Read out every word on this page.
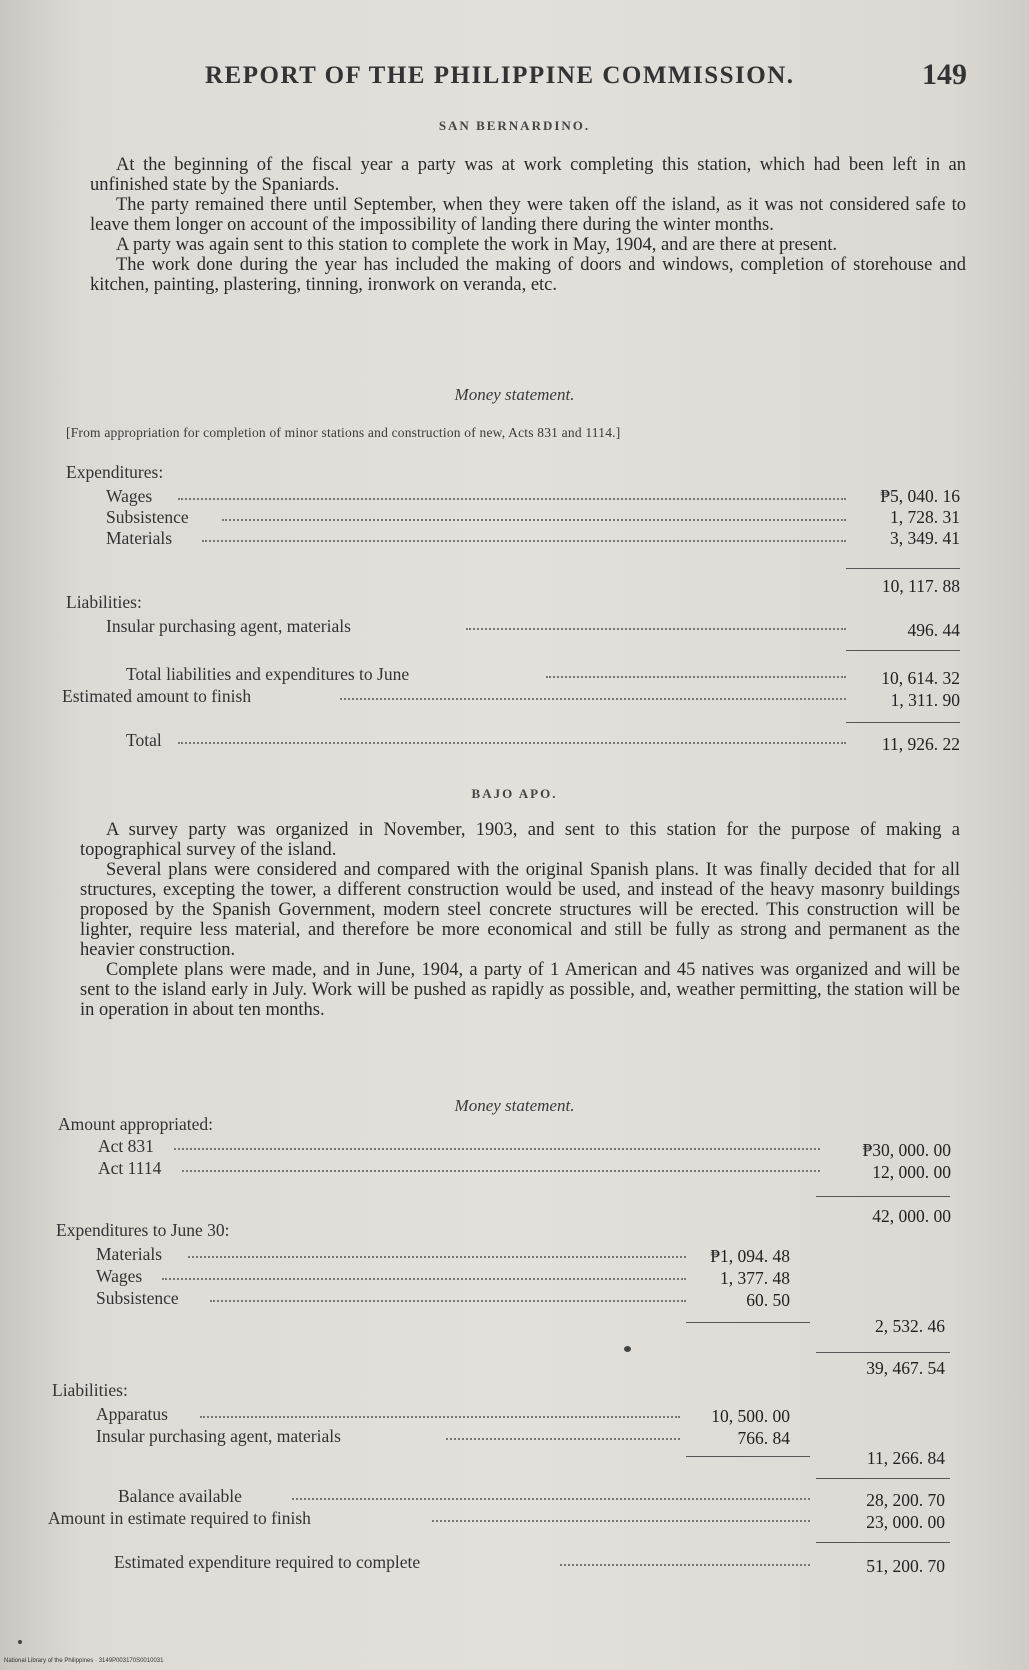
REPORT OF THE PHILIPPINE COMMISSION.	149
SAN BERNARDINO.

At the beginning of the fiscal year a party was at work completing this station, which had been left in an unfinished state by the Spaniards.

The party remained there until September, when they were taken off the island, as it was not considered safe to leave them longer on account of the impossibility of landing there during the winter months.

A party was again sent to this station to complete the work in May, 1904, and are there at present.

The work done during the year has included the making of doors and windows, completion of storehouse and kitchen, painting, plastering, tinning, ironwork on veranda, etc.

Money statement.
[From appropriation for completion of minor stations and construction of new, Acts 831 and 1114.]
Expenditures:
Wages	₱5, 040. 16
Subsistence	1, 728. 31
Materials	3, 349. 41
10, 117. 88
Liabilities:
Insular purchasing agent, materials	496. 44
Total liabilities and expenditures to June	10, 614. 32
Estimated amount to finish	1, 311. 90
Total	11, 926. 22
BAJO APO.

A survey party was organized in November, 1903, and sent to this station for the purpose of making a topographical survey of the island.

Several plans were considered and compared with the original Spanish plans. It was finally decided that for all structures, excepting the tower, a different construction would be used, and instead of the heavy masonry buildings proposed by the Spanish Government, modern steel concrete structures will be erected. This construction will be lighter, require less material, and therefore be more economical and still be fully as strong and permanent as the heavier construction.

Complete plans were made, and in June, 1904, a party of 1 American and 45 natives was organized and will be sent to the island early in July. Work will be pushed as rapidly as possible, and, weather permitting, the station will be in operation in about ten months.

Money statement.
Amount appropriated:
Act 831	₱30, 000. 00
Act 1114	12, 000. 00
42, 000. 00
Expenditures to June 30:
Materials	₱1, 094. 48
Wages	1, 377. 48
Subsistence	60. 50
2, 532. 46
39, 467. 54
Liabilities:
Apparatus	10, 500. 00
Insular purchasing agent, materials	766. 84
11, 266. 84
Balance available	28, 200. 70
Amount in estimate required to finish	23, 000. 00
Estimated expenditure required to complete	51, 200. 70
National Library of the Philippines · 3149P003170S0010031
